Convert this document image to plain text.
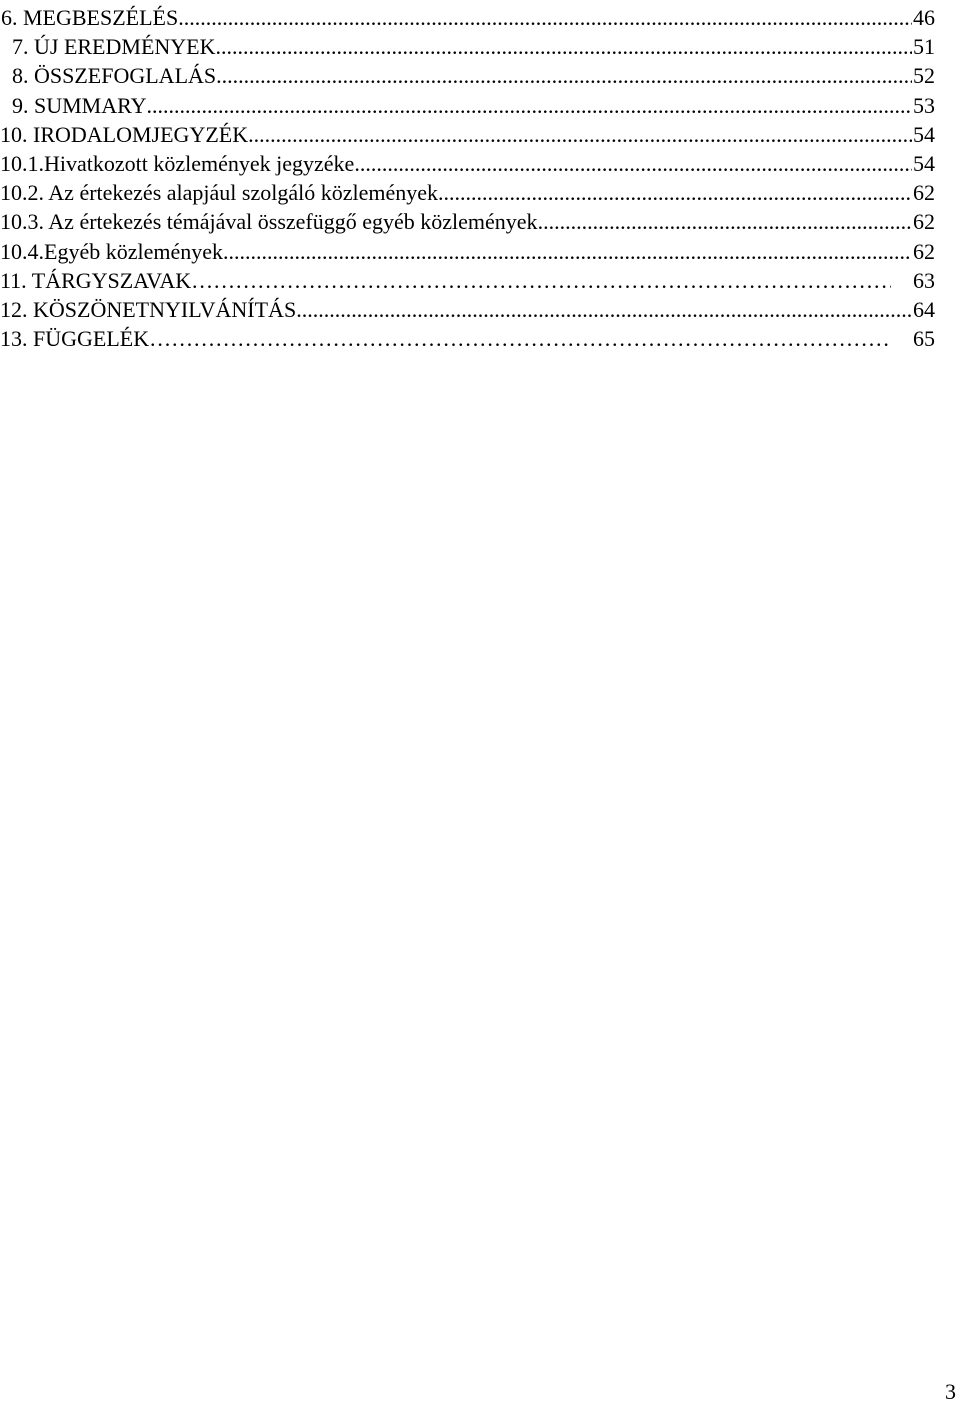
6. MEGBESZÉLÉS .....	46
7. ÚJ EREDMÉNYEK .....	51
8. ÖSSZEFOGLALÁS .....	52
9. SUMMARY .....	53
10. IRODALOMJEGYZÉK .....	54
10.1.Hivatkozott közlemények jegyzéke .....	54
10.2. Az értekezés alapjául szolgáló közlemények .....	62
10.3. Az értekezés témájával összefüggő egyéb közlemények .....	62
10.4.Egyéb közlemények .....	62
11. TÁRGYSZAVAK ……………………………………………………………………………………………………………………………………………	63
12. KÖSZÖNETNYILVÁNÍTÁS .....	64
13. FÜGGELÉK ……………………………………………………………………………………………………………………………………………	65
3
